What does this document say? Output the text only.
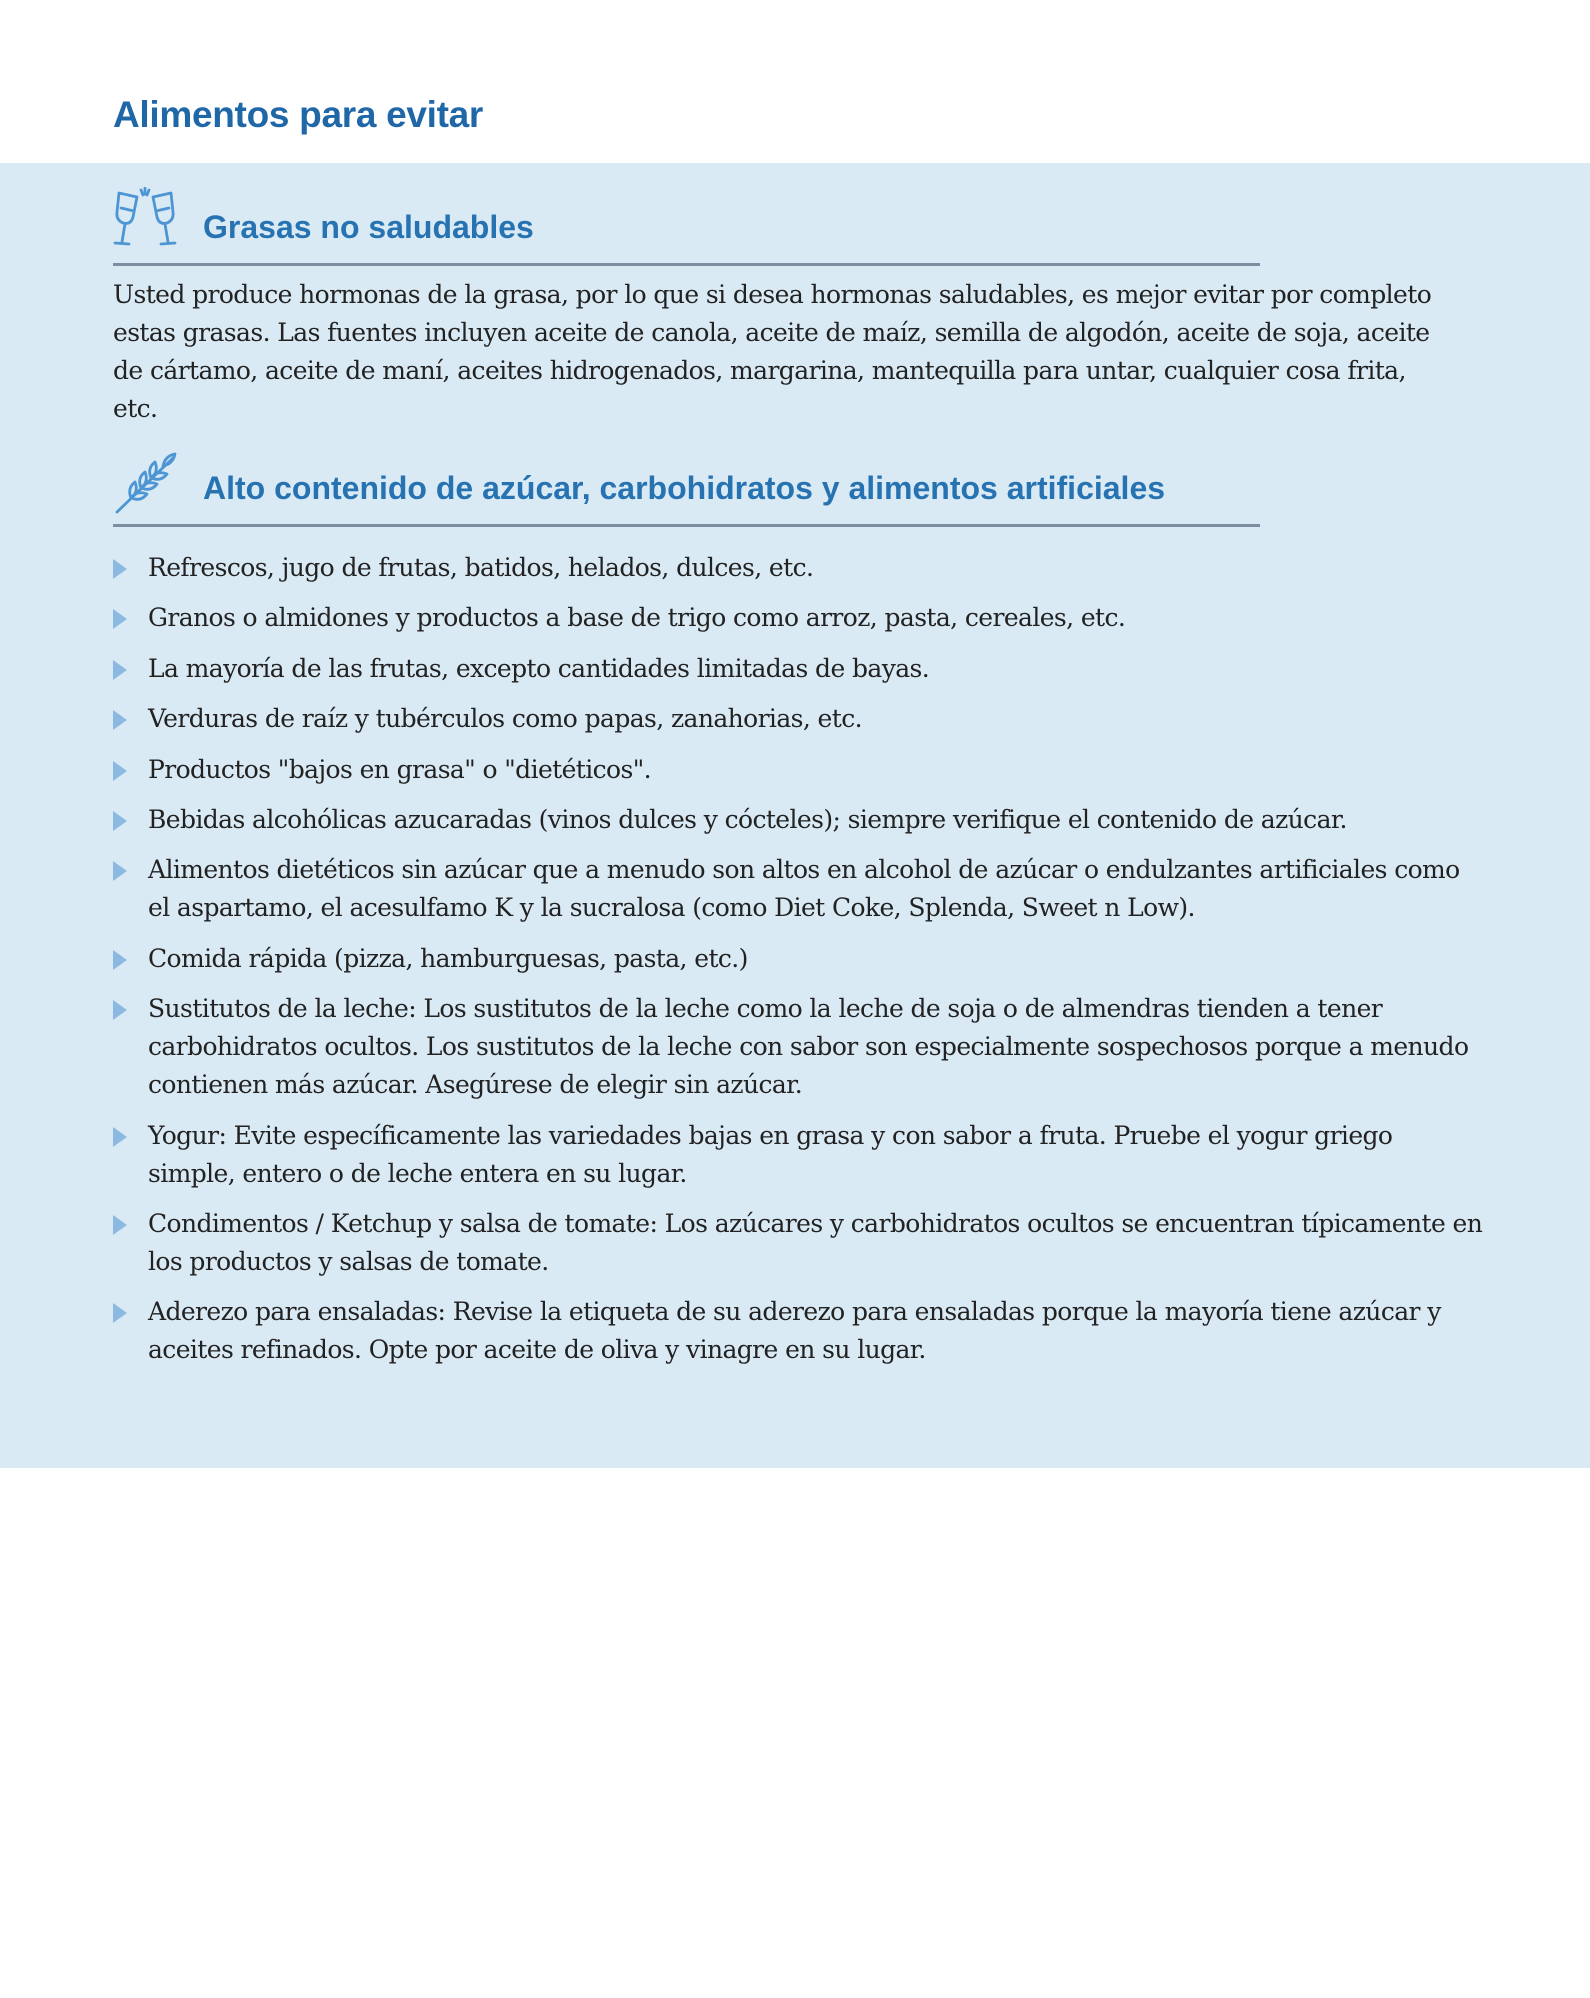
Alimentos para evitar
Grasas no saludables

Usted produce hormonas de la grasa, por lo que si desea hormonas saludables, es mejor evitar por completo estas grasas. Las fuentes incluyen aceite de canola, aceite de maíz, semilla de algodón, aceite de soja, aceite de cártamo, aceite de maní, aceites hidrogenados, margarina, mantequilla para untar, cualquier cosa frita, etc.

Alto contenido de azúcar, carbohidratos y alimentos artificiales
Refrescos, jugo de frutas, batidos, helados, dulces, etc.
Granos o almidones y productos a base de trigo como arroz, pasta, cereales, etc.
La mayoría de las frutas, excepto cantidades limitadas de bayas.
Verduras de raíz y tubérculos como papas, zanahorias, etc.
Productos "bajos en grasa" o "dietéticos".
Bebidas alcohólicas azucaradas (vinos dulces y cócteles); siempre verifique el contenido de azúcar.
Alimentos dietéticos sin azúcar que a menudo son altos en alcohol de azúcar o endulzantes artificiales como el aspartamo, el acesulfamo K y la sucralosa (como Diet Coke, Splenda, Sweet n Low).
Comida rápida (pizza, hamburguesas, pasta, etc.)
Sustitutos de la leche: Los sustitutos de la leche como la leche de soja o de almendras tienden a tener carbohidratos ocultos. Los sustitutos de la leche con sabor son especialmente sospechosos porque a menudo contienen más azúcar. Asegúrese de elegir sin azúcar.
Yogur: Evite específicamente las variedades bajas en grasa y con sabor a fruta. Pruebe el yogur griego simple, entero o de leche entera en su lugar.
Condimentos / Ketchup y salsa de tomate: Los azúcares y carbohidratos ocultos se encuentran típicamente en los productos y salsas de tomate.
Aderezo para ensaladas: Revise la etiqueta de su aderezo para ensaladas porque la mayoría tiene azúcar y aceites refinados. Opte por aceite de oliva y vinagre en su lugar.
